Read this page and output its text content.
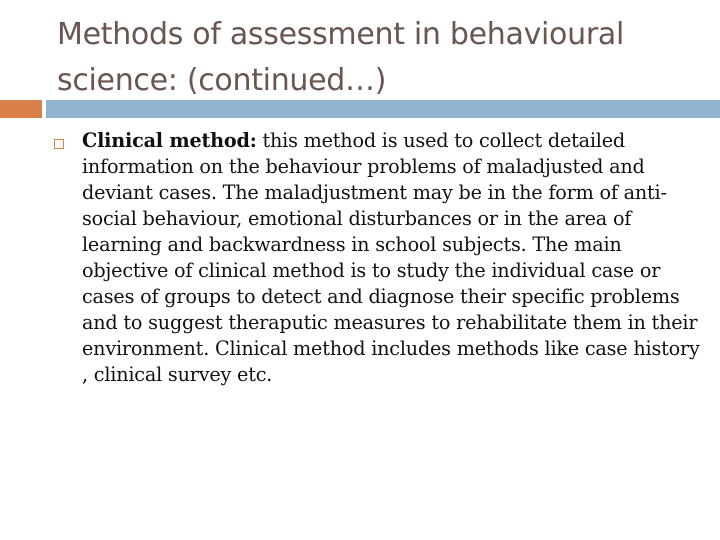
Methods of assessment in behavioural science: (continued…)
Clinical method: this method is used to collect detailed information on the behaviour problems of maladjusted and deviant cases. The maladjustment may be in the form of anti-social behaviour, emotional disturbances or in the area of learning and backwardness in school subjects. The main objective of clinical method is to study the individual case or cases of groups to detect and diagnose their specific problems and to suggest theraputic measures to rehabilitate them in their environment. Clinical method includes methods like case history , clinical survey etc.
